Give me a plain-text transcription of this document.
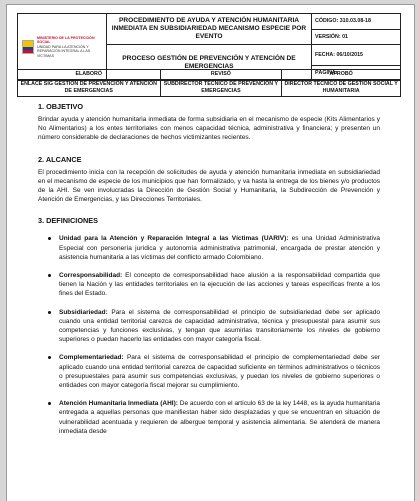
MINISTERIO DE LA PROTECCIÓN SOCIAL
UNIDAD PARA LA ATENCIÓN Y REPARACIÓN INTEGRAL A LAS VÍCTIMAS	PROCEDIMIENTO DE AYUDA Y ATENCIÓN HUMANITARIA INMEDIATA EN SUBSIDIARIEDAD MECANISMO ESPECIE POR EVENTO	CÓDIGO: 310.03.08-18
		VERSIÓN: 01
	PROCESO GESTIÓN DE PREVENCIÓN Y ATENCIÓN DE EMERGENCIAS	FECHA: 06/10/2015
		PÁGINA:
ELABORÓ	REVISÓ	APROBÓ
ENLACE SIG GESTIÓN DE PREVENCIÓN Y ATENCIÓN DE EMERGENCIAS	SUBDIRECTOR TÉCNICO DE PREVENCIÓN Y EMERGENCIAS	DIRECTOR TÉCNICO DE GESTIÓN SOCIAL Y HUMANITARIA
1. OBJETIVO
Brindar ayuda y atención humanitaria inmediata de forma subsidiaria en el mecanismo de especie (Kits Alimentarios y No Alimentarios) a los entes territoriales con menos capacidad técnica, administrativa y financiera; y presenten un número considerable de declaraciones de hechos victimizantes recientes.
2. ALCANCE
El procedimiento inicia con la recepción de solicitudes de ayuda y atención humanitaria inmediata en subsidiariedad en el mecanismo de especie de los municipios que han formalizado, y va hasta la entrega de los bienes y/o productos de la AHI. Se ven involucradas la Dirección de Gestión Social y Humanitaria, la Subdirección de Prevención y Atención de Emergencias, y las Direcciones Territoriales.
3. DEFINICIONES
Unidad para la Atención y Reparación Integral a las Víctimas (UARIV): es una Unidad Administrativa Especial con personería jurídica y autonomía administrativa patrimonial, encargada de prestar atención y asistencia humanitaria a las víctimas del conflicto armado Colombiano.
Corresponsabilidad: El concepto de corresponsabilidad hace alusión a la responsabilidad compartida que tienen la Nación y las entidades territoriales en la ejecución de las acciones y tareas específicas frente a los fines del Estado.
Subsidiariedad: Para el sistema de corresponsabilidad el principio de subsidiariedad debe ser aplicado cuando una entidad territorial carezca de capacidad administrativa, técnica y presupuestal para asumir sus competencias y funciones exclusivas, y tengan que asumirlas transitoriamente los niveles de gobierno superiores o puedan hacerlo las entidades con mayor categoría fiscal.
Complementariedad: Para el sistema de corresponsabilidad el principio de complementariedad debe ser aplicado cuando una entidad territorial carezca de capacidad suficiente en términos administrativos o técnicos o presupuestales para asumir sus competencias exclusivas, y puedan los niveles de gobierno superiores o entidades con mayor categoría fiscal mejorar su cumplimiento.
Atención Humanitaria Inmediata (AHI): De acuerdo con el artículo 63 de la ley 1448, es la ayuda humanitaria entregada a aquellas personas que manifiestan haber sido desplazadas y que se encuentran en situación de vulnerabilidad acentuada y requieren de albergue temporal y asistencia alimentaria. Se atenderá de manera inmediata desde
